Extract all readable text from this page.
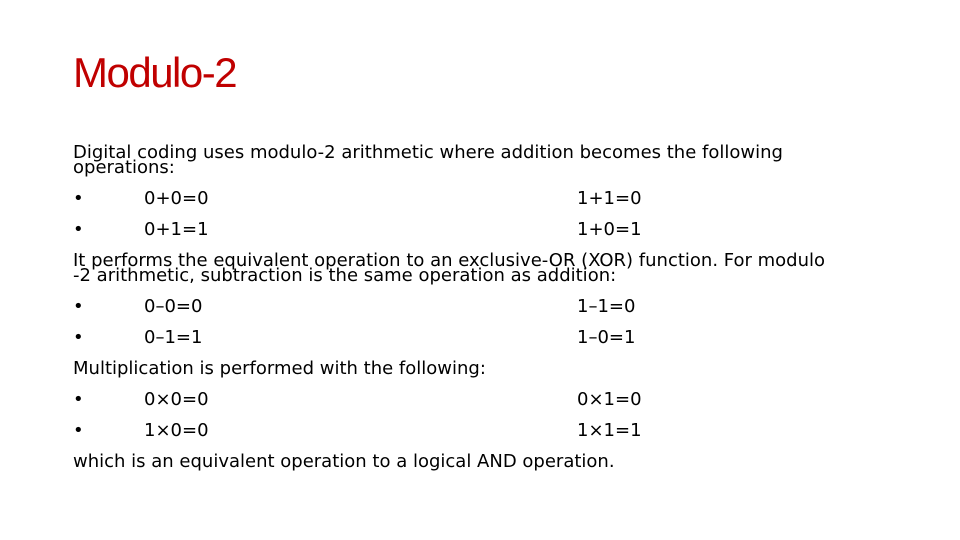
Modulo-2
Digital coding uses modulo-2 arithmetic where addition becomes the following
operations:
•	0+0=0	1+1=0
•	0+1=1	1+0=1
It performs the equivalent operation to an exclusive-OR (XOR) function. For modulo
-2 arithmetic, subtraction is the same operation as addition:
•	0–0=0	1–1=0
•	0–1=1	1–0=1
Multiplication is performed with the following:
•	0×0=0	0×1=0
•	1×0=0	1×1=1
which is an equivalent operation to a logical AND operation.
